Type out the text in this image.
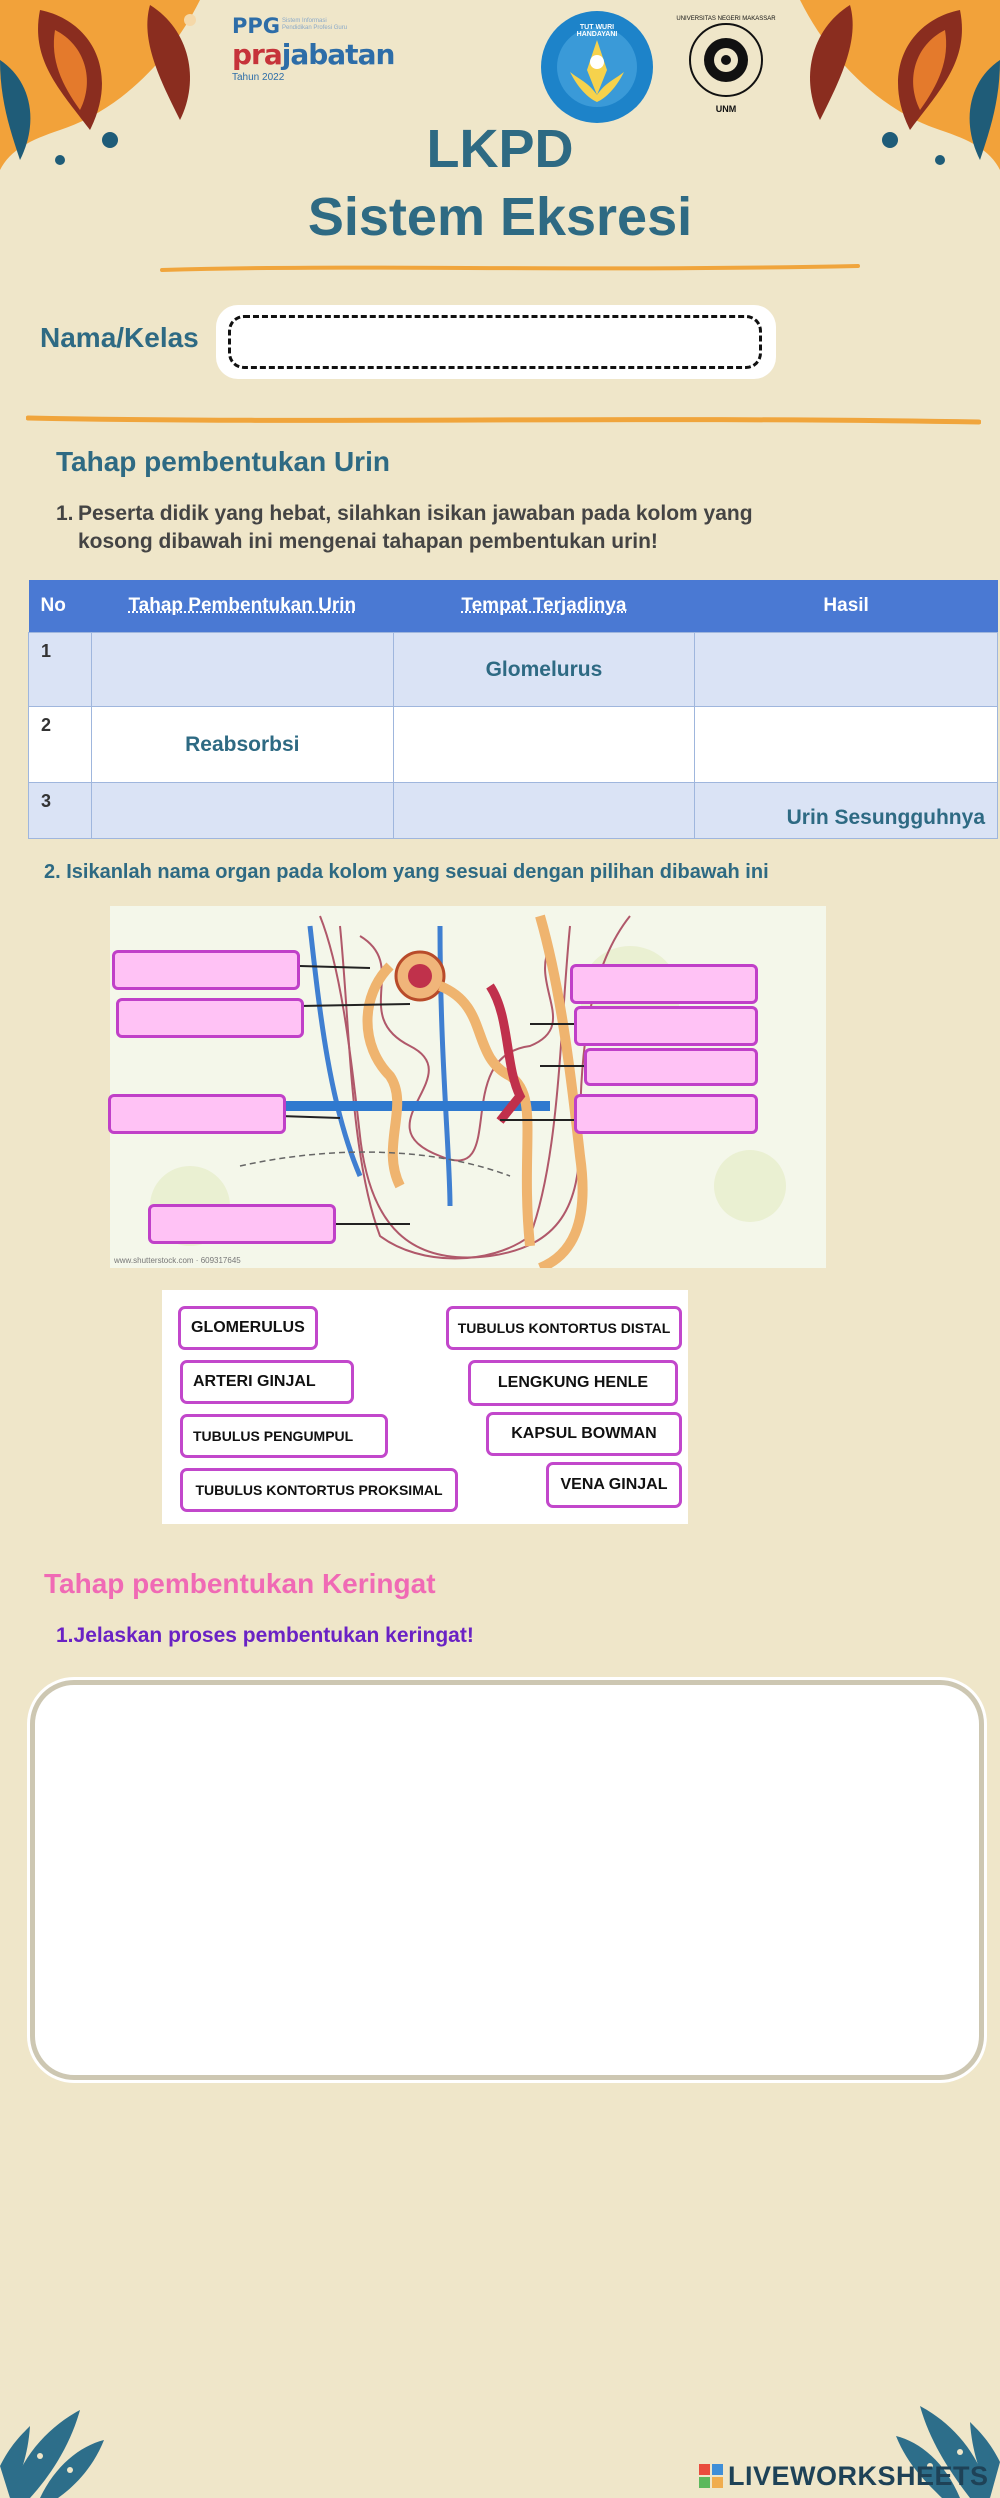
PPG Sistem Informasi Pendidikan Profesi Guru
prajabatan
Tahun 2022
TUT WURI HANDAYANI
UNIVERSITAS NEGERI MAKASSAR
UNM
LKPD
Sistem Eksresi
Nama/Kelas
Tahap pembentukan Urin
1. Peserta didik yang hebat, silahkan isikan jawaban pada kolom yang kosong dibawah ini mengenai tahapan pembentukan urin!
No	Tahap Pembentukan Urin	Tempat Terjadinya	Hasil
1		Glomelurus	
2	Reabsorbsi		
3			Urin Sesungguhnya
2. Isikanlah nama organ pada kolom yang sesuai dengan pilihan dibawah ini
www.shutterstock.com · 609317645
GLOMERULUS	TUBULUS KONTORTUS DISTAL
ARTERI GINJAL	LENGKUNG HENLE
TUBULUS PENGUMPUL	KAPSUL BOWMAN
TUBULUS KONTORTUS PROKSIMAL	VENA GINJAL
Tahap pembentukan Keringat
1.Jelaskan proses pembentukan keringat!
LIVEWORKSHEETS
